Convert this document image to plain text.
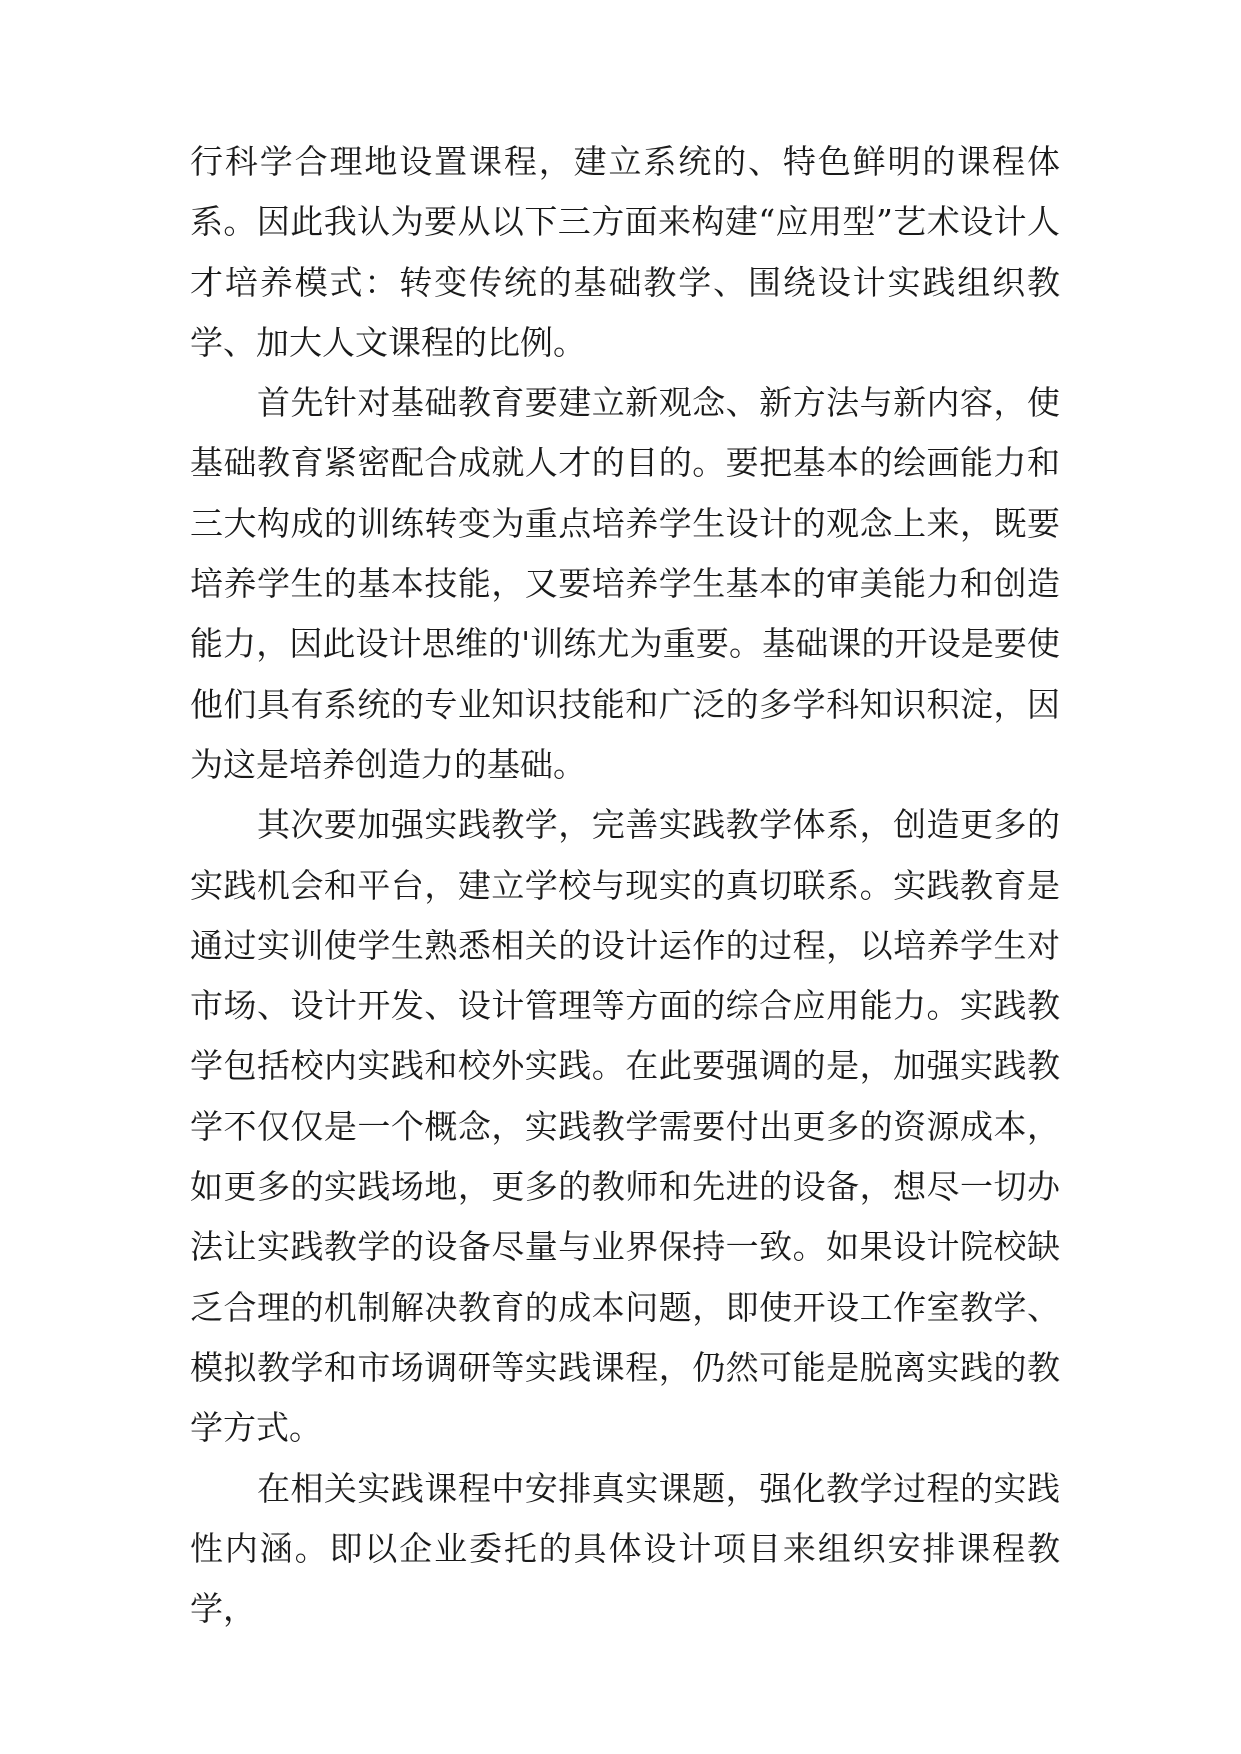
行科学合理地设置课程，建立系统的、特色鲜明的课程体系。因此我认为要从以下三方面来构建“应用型”艺术设计人才培养模式：转变传统的基础教学、围绕设计实践组织教学、加大人文课程的比例。

　　首先针对基础教育要建立新观念、新方法与新内容，使基础教育紧密配合成就人才的目的。要把基本的绘画能力和三大构成的训练转变为重点培养学生设计的观念上来，既要培养学生的基本技能，又要培养学生基本的审美能力和创造能力，因此设计思维的'训练尤为重要。基础课的开设是要使他们具有系统的专业知识技能和广泛的多学科知识积淀，因为这是培养创造力的基础。

　　其次要加强实践教学，完善实践教学体系，创造更多的实践机会和平台，建立学校与现实的真切联系。实践教育是通过实训使学生熟悉相关的设计运作的过程，以培养学生对市场、设计开发、设计管理等方面的综合应用能力。实践教学包括校内实践和校外实践。在此要强调的是，加强实践教学不仅仅是一个概念，实践教学需要付出更多的资源成本，如更多的实践场地，更多的教师和先进的设备，想尽一切办法让实践教学的设备尽量与业界保持一致。如果设计院校缺乏合理的机制解决教育的成本问题，即使开设工作室教学、模拟教学和市场调研等实践课程，仍然可能是脱离实践的教学方式。

　　在相关实践课程中安排真实课题，强化教学过程的实践性内涵。即以企业委托的具体设计项目来组织安排课程教学，
